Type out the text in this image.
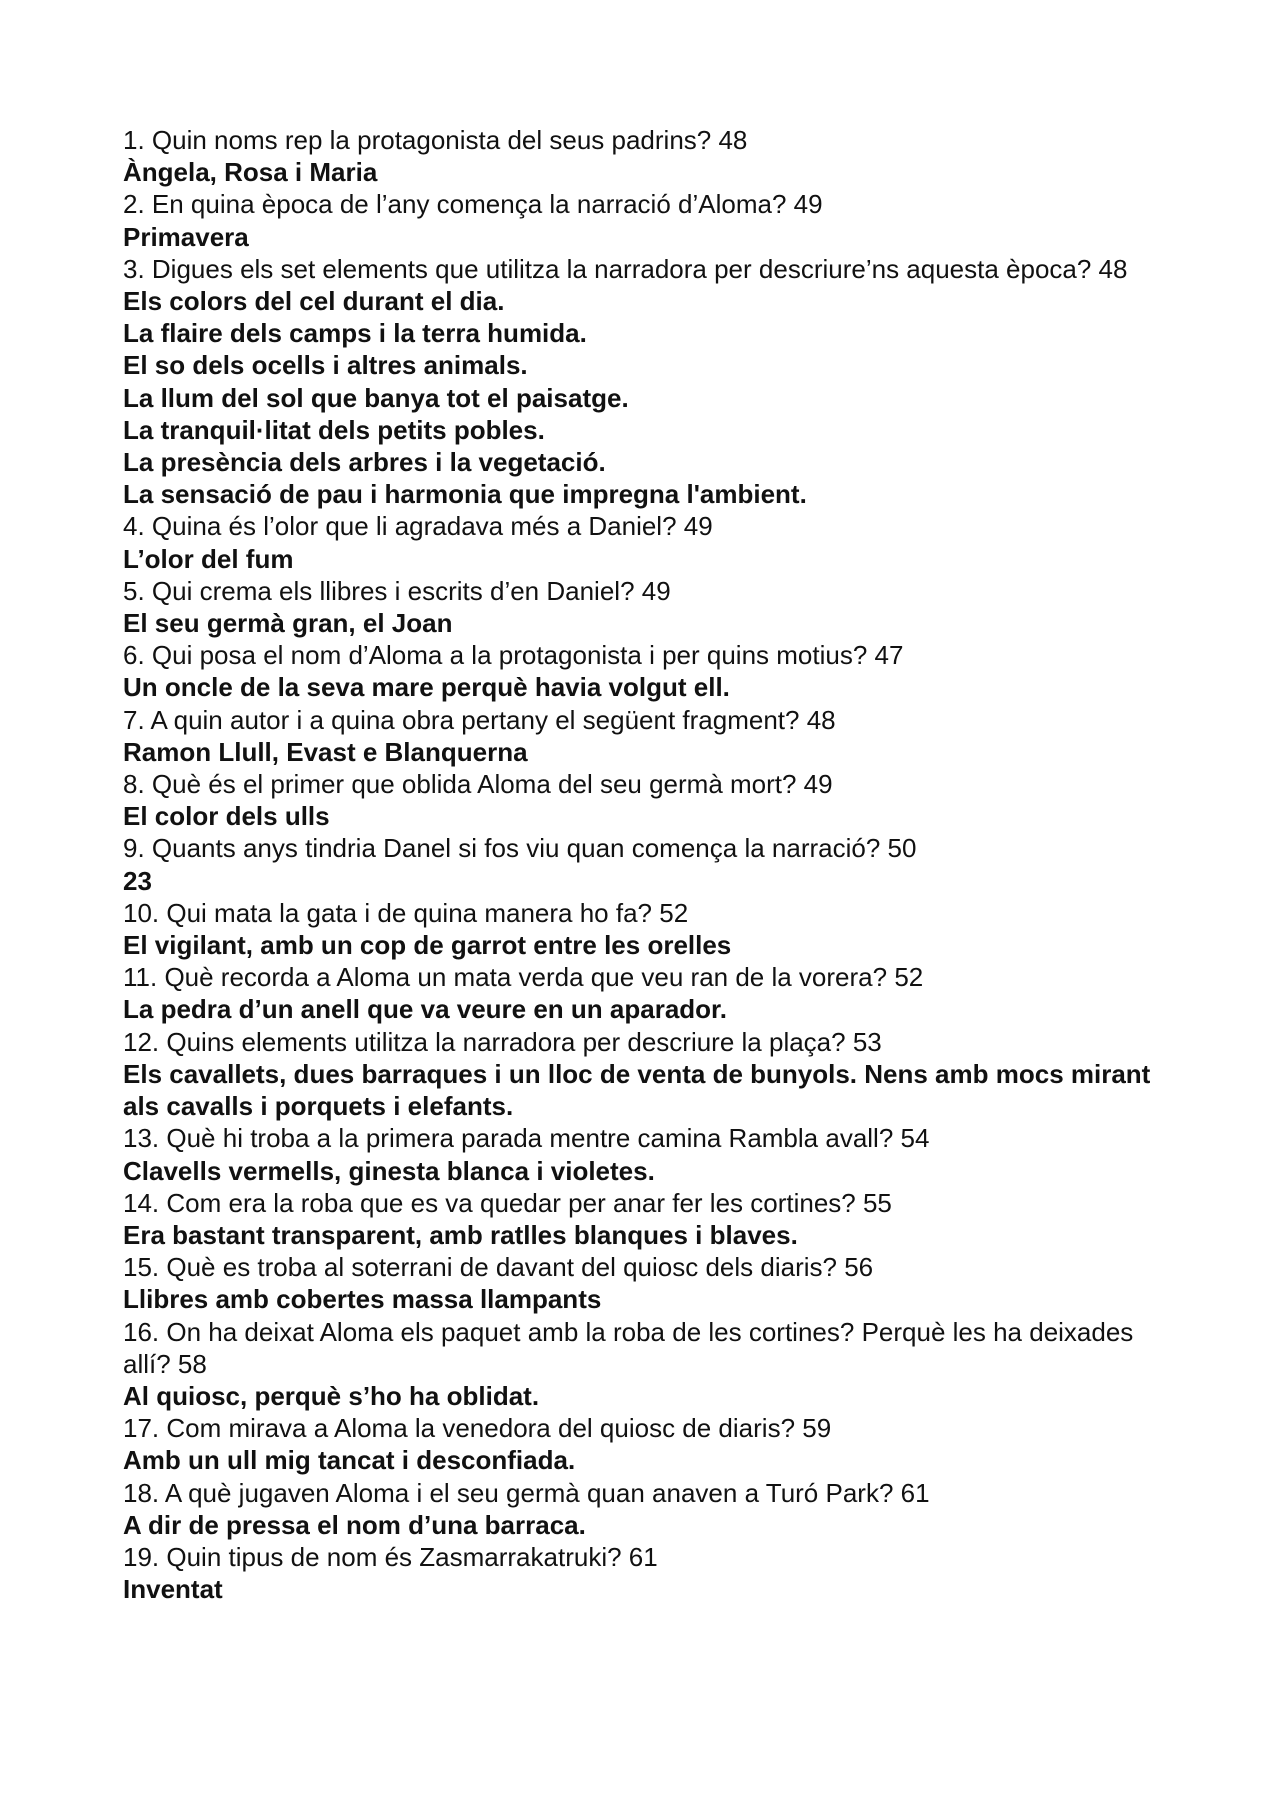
1. Quin noms rep la protagonista del seus padrins? 48

Àngela, Rosa i Maria

2. En quina època de l’any comença la narració d’Aloma? 49

Primavera

3. Digues els set elements que utilitza la narradora per descriure’ns aquesta època? 48

Els colors del cel durant el dia.

La flaire dels camps i la terra humida.

El so dels ocells i altres animals.

La llum del sol que banya tot el paisatge.

La tranquil·litat dels petits pobles.

La presència dels arbres i la vegetació.

La sensació de pau i harmonia que impregna l'ambient.

4. Quina és l’olor que li agradava més a Daniel? 49

L’olor del fum

5. Qui crema els llibres i escrits d’en Daniel? 49

El seu germà gran, el Joan

6. Qui posa el nom d’Aloma a la protagonista i per quins motius? 47

Un oncle de la seva mare perquè havia volgut ell.

7. A quin autor i a quina obra pertany el següent fragment? 48

Ramon Llull, Evast e Blanquerna

8. Què és el primer que oblida Aloma del seu germà mort? 49

El color dels ulls

9. Quants anys tindria Danel si fos viu quan comença la narració? 50

23

10. Qui mata la gata i de quina manera ho fa? 52

El vigilant, amb un cop de garrot entre les orelles

11. Què recorda a Aloma un mata verda que veu ran de la vorera? 52

La pedra d’un anell que va veure en un aparador.

12. Quins elements utilitza la narradora per descriure la plaça? 53

Els cavallets, dues barraques i un lloc de venta de bunyols. Nens amb mocs mirant als cavalls i porquets i elefants.

13. Què hi troba a la primera parada mentre camina Rambla avall? 54

Clavells vermells, ginesta blanca i violetes.

14. Com era la roba que es va quedar per anar fer les cortines? 55

Era bastant transparent, amb ratlles blanques i blaves.

15. Què es troba al soterrani de davant del quiosc dels diaris? 56

Llibres amb cobertes massa llampants

16. On ha deixat Aloma els paquet amb la roba de les cortines? Perquè les ha deixades allí? 58

Al quiosc, perquè s’ho ha oblidat.

17. Com mirava a Aloma la venedora del quiosc de diaris? 59

Amb un ull mig tancat i desconfiada.

18. A què jugaven Aloma i el seu germà quan anaven a Turó Park? 61

A dir de pressa el nom d’una barraca.

19. Quin tipus de nom és Zasmarrakatruki? 61

Inventat
